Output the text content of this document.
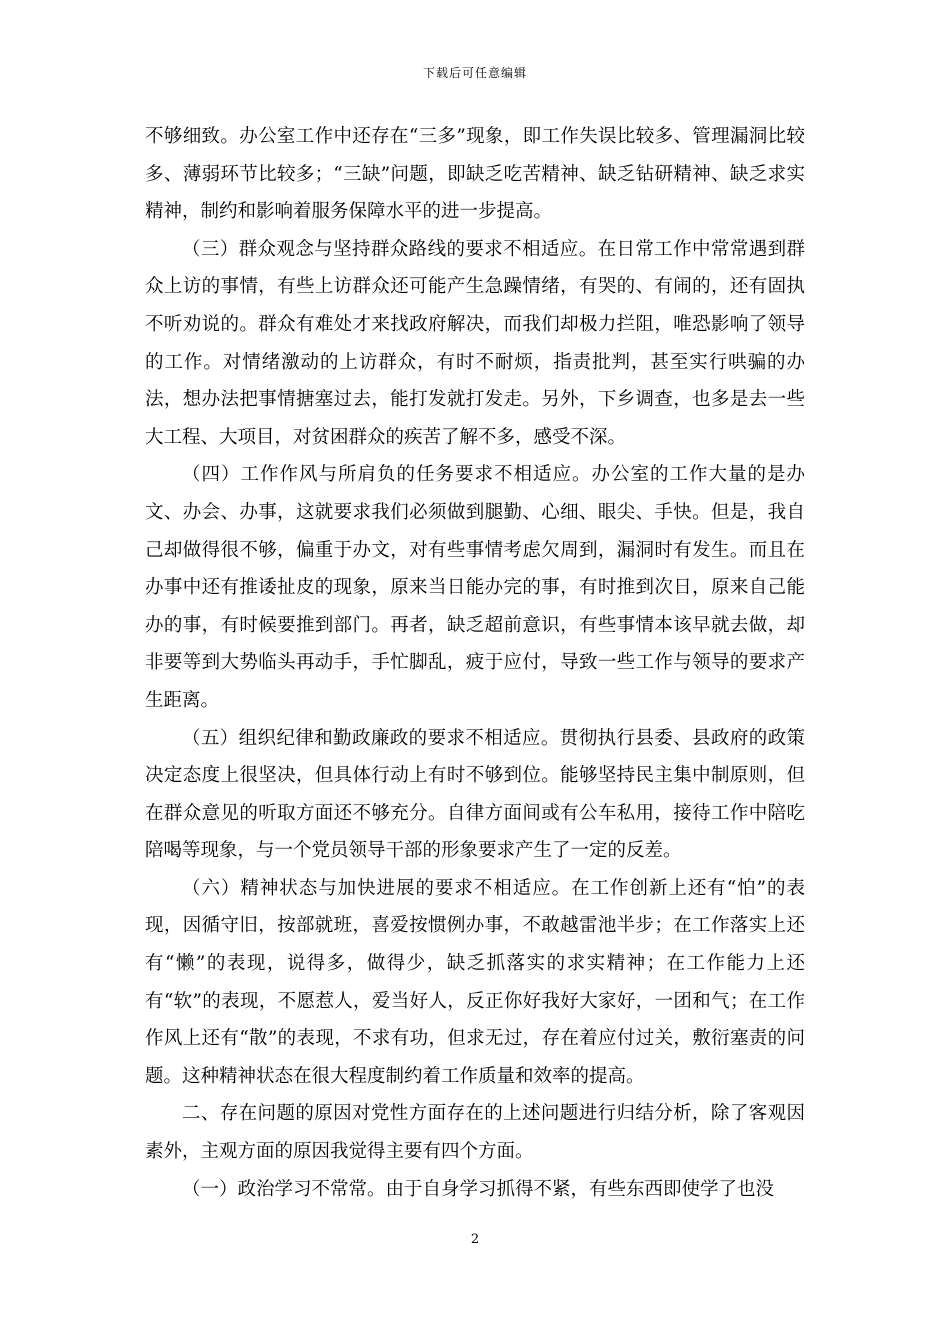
下载后可任意编辑

不够细致。办公室工作中还存在“三多”现象，即工作失误比较多、管理漏洞比较多、薄弱环节比较多；“三缺”问题，即缺乏吃苦精神、缺乏钻研精神、缺乏求实精神，制约和影响着服务保障水平的进一步提高。

（三）群众观念与坚持群众路线的要求不相适应。在日常工作中常常遇到群众上访的事情，有些上访群众还可能产生急躁情绪，有哭的、有闹的，还有固执不听劝说的。群众有难处才来找政府解决，而我们却极力拦阻，唯恐影响了领导的工作。对情绪激动的上访群众，有时不耐烦，指责批判，甚至实行哄骗的办法，想办法把事情搪塞过去，能打发就打发走。另外，下乡调查，也多是去一些大工程、大项目，对贫困群众的疾苦了解不多，感受不深。

（四）工作作风与所肩负的任务要求不相适应。办公室的工作大量的是办文、办会、办事，这就要求我们必须做到腿勤、心细、眼尖、手快。但是，我自己却做得很不够，偏重于办文，对有些事情考虑欠周到，漏洞时有发生。而且在办事中还有推诿扯皮的现象，原来当日能办完的事，有时推到次日，原来自己能办的事，有时候要推到部门。再者，缺乏超前意识，有些事情本该早就去做，却非要等到大势临头再动手，手忙脚乱，疲于应付，导致一些工作与领导的要求产生距离。

（五）组织纪律和勤政廉政的要求不相适应。贯彻执行县委、县政府的政策决定态度上很坚决，但具体行动上有时不够到位。能够坚持民主集中制原则，但在群众意见的听取方面还不够充分。自律方面间或有公车私用，接待工作中陪吃陪喝等现象，与一个党员领导干部的形象要求产生了一定的反差。

（六）精神状态与加快进展的要求不相适应。在工作创新上还有“怕”的表现，因循守旧，按部就班，喜爱按惯例办事，不敢越雷池半步；在工作落实上还有“懒”的表现，说得多，做得少，缺乏抓落实的求实精神；在工作能力上还有“软”的表现，不愿惹人，爱当好人，反正你好我好大家好，一团和气；在工作作风上还有“散”的表现，不求有功，但求无过，存在着应付过关，敷衍塞责的问题。这种精神状态在很大程度制约着工作质量和效率的提高。

二、存在问题的原因对党性方面存在的上述问题进行归结分析，除了客观因素外，主观方面的原因我觉得主要有四个方面。

（一）政治学习不常常。由于自身学习抓得不紧，有些东西即使学了也没

2
